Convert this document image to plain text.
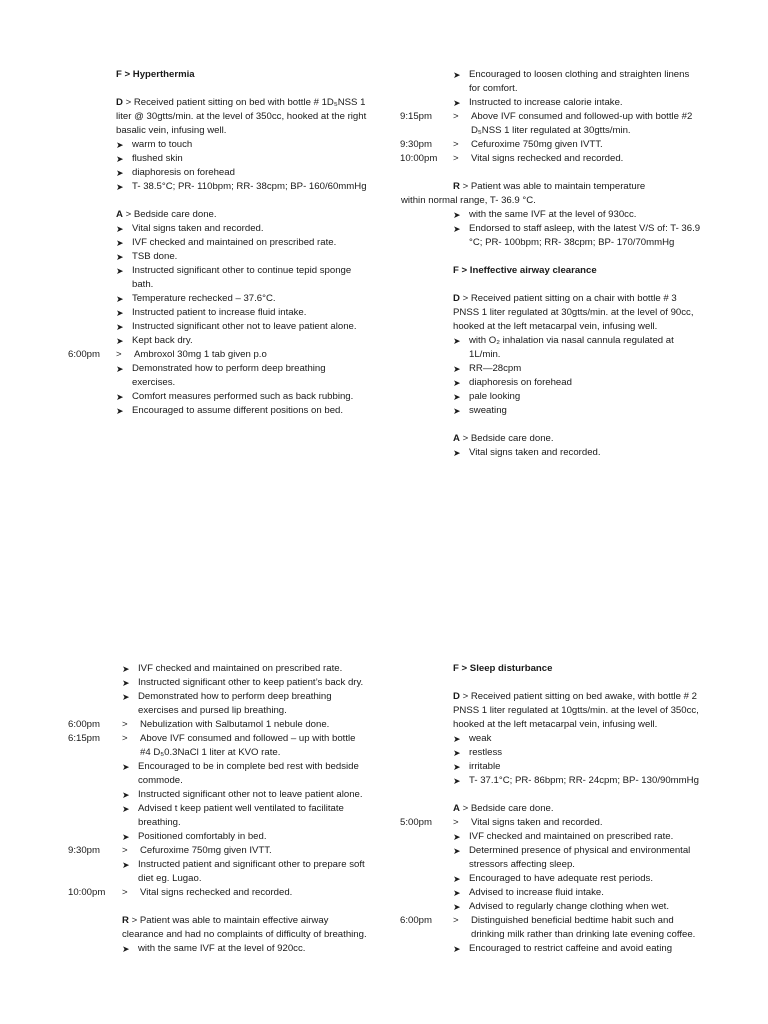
F > Hyperthermia
D > Received patient sitting on bed with bottle # 1D₅NSS 1 liter @ 30gtts/min. at the level of 350cc, hooked at the right basalic vein, infusing well.
➤ warm to touch
➤ flushed skin
➤ diaphoresis on forehead
➤ T- 38.5°C; PR- 110bpm; RR- 38cpm; BP- 160/60mmHg
A > Bedside care done.
➤ Vital signs taken and recorded.
➤ IVF checked and maintained on prescribed rate.
➤ TSB done.
➤ Instructed significant other to continue tepid sponge bath.
➤ Temperature rechecked – 37.6°C.
➤ Instructed patient to increase fluid intake.
➤ Instructed significant other not to leave patient alone.
➤ Kept back dry.
> Ambroxol 30mg 1 tab given p.o
6:00pm
➤ Demonstrated how to perform deep breathing exercises.
➤ Comfort measures performed such as back rubbing.
➤ Encouraged to assume different positions on bed.
➤ Encouraged to loosen clothing and straighten linens for comfort.
➤ Instructed to increase calorie intake.
> Above IVF consumed and followed-up with bottle #2 D₅NSS 1 liter regulated at 30gtts/min.
9:15pm
> Cefuroxime 750mg given IVTT.
9:30pm
> Vital signs rechecked and recorded.
10:00pm
R > Patient was able to maintain temperature
within normal range, T- 36.9 °C.
➤ with the same IVF at the level of 930cc.
➤ Endorsed to staff asleep, with the latest V/S of: T- 36.9 °C; PR- 100bpm; RR- 38cpm; BP- 170/70mmHg
F > Ineffective airway clearance
D > Received patient sitting on a chair with bottle # 3 PNSS 1 liter regulated at 30gtts/min. at the level of 90cc, hooked at the left metacarpal vein, infusing well.
➤ with O₂ inhalation via nasal cannula regulated at 1L/min.
➤ RR—28cpm
➤ diaphoresis on forehead
➤ pale looking
➤ sweating
A > Bedside care done.
➤ Vital signs taken and recorded.
➤ IVF checked and maintained on prescribed rate.
➤ Instructed significant other to keep patient’s back dry.
➤ Demonstrated how to perform deep breathing exercises and pursed lip breathing.
> Nebulization with Salbutamol 1 nebule done.
6:00pm
> Above IVF consumed and followed – up with bottle #4 D₅0.3NaCl 1 liter at KVO rate.
6:15pm
➤ Encouraged to be in complete bed rest with bedside commode.
➤ Instructed significant other not to leave patient alone.
➤ Advised t keep patient well ventilated to facilitate breathing.
➤ Positioned comfortably in bed.
> Cefuroxime 750mg given IVTT.
9:30pm
➤ Instructed patient and significant other to prepare soft diet eg. Lugao.
> Vital signs rechecked and recorded.
10:00pm
R > Patient was able to maintain effective airway clearance and had no complaints of difficulty of breathing.
➤ with the same IVF at the level of 920cc.
F > Sleep disturbance
D > Received patient sitting on bed awake, with bottle # 2 PNSS 1 liter regulated at 10gtts/min. at the level of 350cc, hooked at the left metacarpal vein, infusing well.
➤ weak
➤ restless
➤ irritable
➤ T- 37.1°C; PR- 86bpm; RR- 24cpm; BP- 130/90mmHg
A > Bedside care done.
> Vital signs taken and recorded.
5:00pm
➤ IVF checked and maintained on prescribed rate.
➤ Determined presence of physical and environmental stressors affecting sleep.
➤ Encouraged to have adequate rest periods.
➤ Advised to increase fluid intake.
➤ Advised to regularly change clothing when wet.
> Distinguished beneficial bedtime habit such and drinking milk rather than drinking late evening coffee.
6:00pm
➤ Encouraged to restrict caffeine and avoid eating
